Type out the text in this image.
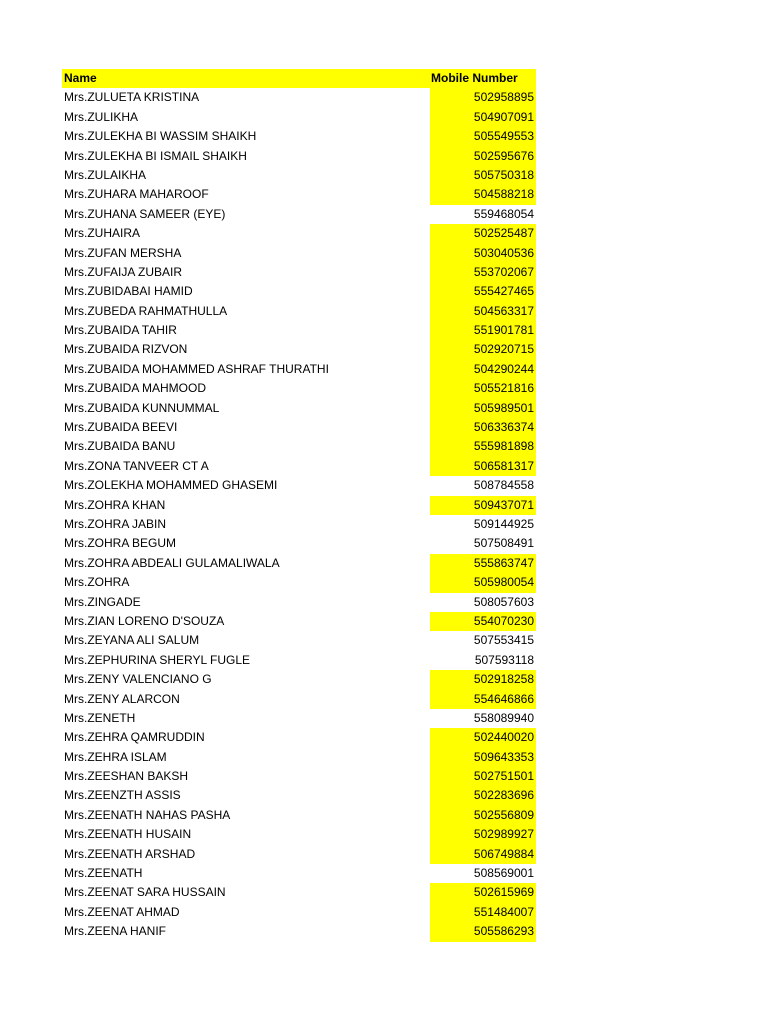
Name	Mobile Number
Mrs.ZULUETA KRISTINA	502958895
Mrs.ZULIKHA	504907091
Mrs.ZULEKHA BI WASSIM SHAIKH	505549553
Mrs.ZULEKHA BI ISMAIL SHAIKH	502595676
Mrs.ZULAIKHA	505750318
Mrs.ZUHARA MAHAROOF	504588218
Mrs.ZUHANA SAMEER (EYE)	559468054
Mrs.ZUHAIRA	502525487
Mrs.ZUFAN MERSHA	503040536
Mrs.ZUFAIJA ZUBAIR	553702067
Mrs.ZUBIDABAI HAMID	555427465
Mrs.ZUBEDA RAHMATHULLA	504563317
Mrs.ZUBAIDA TAHIR	551901781
Mrs.ZUBAIDA RIZVON	502920715
Mrs.ZUBAIDA MOHAMMED ASHRAF THURATHI	504290244
Mrs.ZUBAIDA MAHMOOD	505521816
Mrs.ZUBAIDA KUNNUMMAL	505989501
Mrs.ZUBAIDA BEEVI	506336374
Mrs.ZUBAIDA BANU	555981898
Mrs.ZONA TANVEER CT A	506581317
Mrs.ZOLEKHA MOHAMMED GHASEMI	508784558
Mrs.ZOHRA KHAN	509437071
Mrs.ZOHRA JABIN	509144925
Mrs.ZOHRA BEGUM	507508491
Mrs.ZOHRA ABDEALI GULAMALIWALA	555863747
Mrs.ZOHRA	505980054
Mrs.ZINGADE	508057603
Mrs.ZIAN LORENO D'SOUZA	554070230
Mrs.ZEYANA ALI SALUM	507553415
Mrs.ZEPHURINA SHERYL FUGLE	507593118
Mrs.ZENY VALENCIANO G	502918258
Mrs.ZENY ALARCON	554646866
Mrs.ZENETH	558089940
Mrs.ZEHRA QAMRUDDIN	502440020
Mrs.ZEHRA ISLAM	509643353
Mrs.ZEESHAN BAKSH	502751501
Mrs.ZEENZTH ASSIS	502283696
Mrs.ZEENATH NAHAS PASHA	502556809
Mrs.ZEENATH HUSAIN	502989927
Mrs.ZEENATH ARSHAD	506749884
Mrs.ZEENATH	508569001
Mrs.ZEENAT SARA HUSSAIN	502615969
Mrs.ZEENAT AHMAD	551484007
Mrs.ZEENA HANIF	505586293
